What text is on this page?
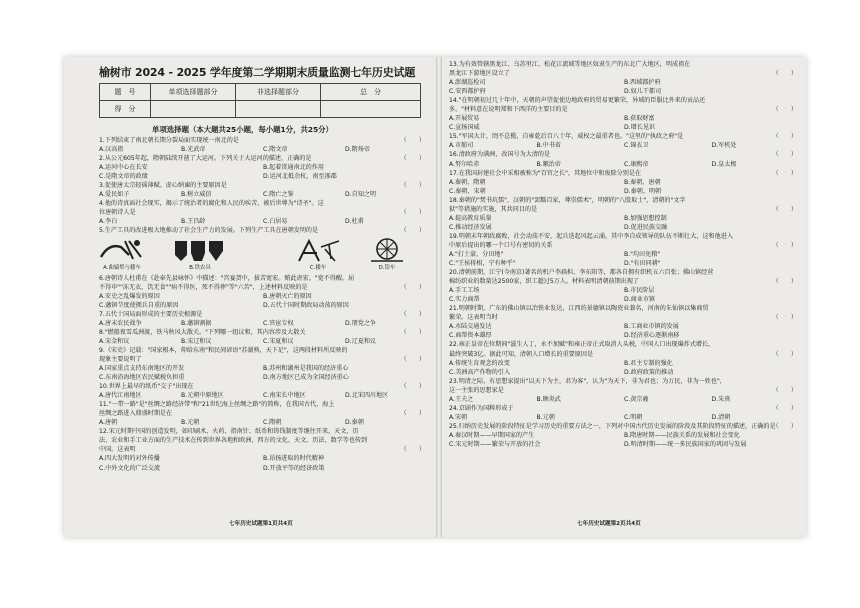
榆树市 2024 - 2025 学年度第二学期期末质量监测七年历史试题
题　号	单项选择题部分	非选择题部分	总　分
得　分			
单项选择题（本大题共25小题，每小题1分，共25分）
1.下列结束了南北朝长期分裂局面实现统一南北的是	（　　）
A.汉高祖	B.光武帝	C.隋文帝	D.隋炀帝
2.从公元605年起，隋朝陆续开凿了大运河。下列关于大运河的描述，正确的是	（　　）
A.运河中心在长安	B.起着贯通南北的作用
C.是隋文帝的政绩	D.运河北抵余杭，南至涿郡
3.促使唐太宗轻徭薄赋、虚心纳谏的主要原因是	（　　）
A.爱民如子	B.树立威信	C.隋亡之鉴	D.自知之明
4.他的诗真面社会现实，揭示了统治者的腐化和人民的疾苦，被后世尊为"诗圣"。这
位唐朝诗人是	（　　）
A.李白	B.王昌龄	C.白居易	D.杜甫
5.生产工具的改进极大地推动了社会生产力的发展。下列生产工具在唐朝发明的是	（　　）
A.曲辕犁与耧车	B.铁农具	C.耧车	D.筒车
6.唐朝诗人杜甫在《赴奉先县咏怀》中描述："宫宴贺中，拔苦宽宏。贿此虐宏。"宽不得醒，屈
不得申""冻无衣，饥无食""病不得医，死不得葬"等"六苦"，上述材料反映的是	（　　）
A.安史之乱爆发的原因	B.唐朝灭亡的原因
C.藩镇节度使拥兵自重的原因	D.五代十国时期政局动荡的原因
7.五代十国局面形成的主要历史根源是	（　　）
A.唐末农民战争	B.藩镇割据	C.官宦专权	D.朋党之争
8."燃船夜雪瓜洲渡，铁马秋风大散关。"下列哪一组议和，其内容涉及大散关	（　　）
A.宋金和议	B.宋辽和议	C.宋夏和议	D.辽夏和议
9.《宋史》记载："国家根本，仰给东南"和民间谚语"苏湖熟，天下足"，这两段材料所反映的
现象主要说明了	（　　）
A.国家重点支持东南地区的开发	B.苏州和湖州是我国的经济重心
C.东南沿海地区农民赋税负担重	D.南方地区已成为全国经济重心
10.世界上最早的纸币"交子"出现在	（　　）
A.唐代江南地区	B.元朝中原地区	C.南宋长中地区	D.北宋四川地区
11."一带一路"是"丝绸之路经济带"和"21世纪海上丝绸之路"的简称，在我国古代，海上
丝绸之路进入鼎盛时期是在	（　　）
A.唐朝	B.元朝	C.隋朝	D.秦朝
12.宋元时期中国的创造发明，如印刷术、火药、指南针、纸币和铸钱制度等继往开来，天文、历
法、农业和手工业方面的生产技术在传到世界各地和欧洲，西方的文化、天文、历法、数学等也传到
中国。这表明	（　　）
A.四大发明的对外传播	B.昂扬进取的时代精神
C.中外文化的广泛交流	D.开放平等的经济政策
七年历史试题第1页共4页
13.为有效管辖黑龙江、乌苏里江、松花江流域等地区奴隶生产的东北广大地区，明成祖在
黑龙江下游地区设立了	（　　）
A.澎湖巡检司	B.西域都护府
C.安西都护府	D.奴儿干都司
14."在明朝初过几十年中，天朝的声望促使边地政府的贸易更繁荣，异域的臣服比外来的贡品还
多。"材料意在说明郑和下西洋的主要目的是	（　　）
A.开展贸易	B.获取财富
C.宣扬国威	D.增长见识
15."军国大计，罔不总揽，自雍乾后百八十年，威权之最重者也。"这里的"执政之府"是	（　　）
A.市舶司	B.中书省	C.锦衣卫	D.军机处
16.清政府为满洲，改国号为大清的是	（　　）
A.努尔哈赤	B.顺治帝	C.康熙帝	D.皇太极
17.在我国封建社会中采相被称为"百官之长"，其地位中和废除分别是在	（　　）
A.秦朝、隋朝	B.秦朝、唐朝
C.秦朝、宋朝	D.秦朝、明朝
18.秦朝的"焚书坑儒"，汉朝的"罢黜百家，尊崇儒术"，明朝的"八股取士"，清朝的"文字
狱"等措施的实施，其共同目的是	（　　）
A.提高教育质量	B.加强思想控制
C.推动经济发展	D.促进民族交融
19.明朝末年朝政腐败，社会动荡不安，起兵迭起风起云涌，其中李自成领导的队伍不断壮大，这和他进入
中原后提出的哪一个口号有密切的关系	（　　）
A."打土豪，分田地"	B."均田免粮"
C."王侯将相，宁有种乎"	D."有田同耕"
20.清朝前期，江宁(今南京)著名的机户李扁担、李东阳等，都各自拥有织机五六百张；佛山镇经营
棉纺织业的数量达2500家，织工超过5万人。材料表明清朝前期出现了	（　　）
A.手工工场	B.市民阶层
C.实力商帮	D.商业市镇
21.明朝时期，广东的佛山镇以冶铁业发达，江西的景德镇以陶瓷业兼名，河南的朱仙镇以集商贸
繁荣。这表明当时	（　　）
A.水陆交通发达	B.工商业市镇的发展
C.商帮资本雄厚	D.经济重心逐渐南移
22.雍正皇帝在位期间"滋生人丁，永不加赋"和雍正帝正式取消人头税，中国人口出现爆炸式增长，
最终突破3亿。据此可知，清朝人口增长的重要原因是	（　　）
A.传统生育观念的改变	B.君主专制的强化
C.美洲高产作物的引入	D.政府政策的推动
23.明清之际，有思想家提出"以天下为主，君为客"，认为"为天下，非为君也；为万民，非为一姓也"，
这一主张的思想家是	（　　）
A.王夫之	B.顾炎武	C.黄宗羲	D.朱熹
24.京剧作为国粹形成于	（　　）
A.宋朝	B.元朝	C.明朝	D.清朝
25.归纳历史发展的阶段特征是学习历史的重要方法之一，下列对中国古代历史发展的阶段及其阶段特征的描述，正确的是
（　　）
A.秦汉时期——早期国家的产生	B.隋唐时期——民族关系的发展和社会变化
C.宋元时期——繁荣与开放的社会	D.明清时期——统一多民族国家的巩固与发展
七年历史试题第2页共4页
